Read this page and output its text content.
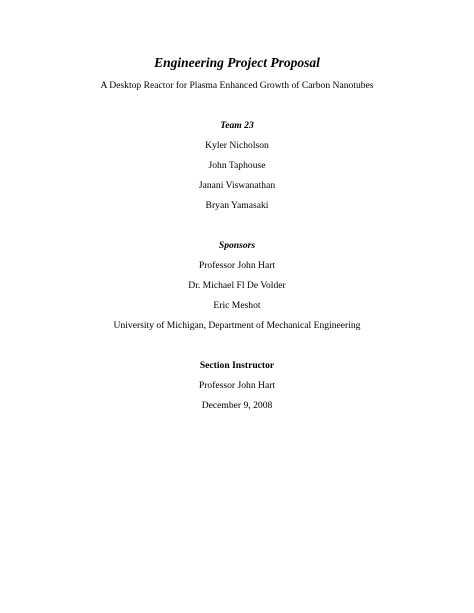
Engineering Project Proposal
A Desktop Reactor for Plasma Enhanced Growth of Carbon Nanotubes
Team 23
Kyler Nicholson
John Taphouse
Janani Viswanathan
Bryan Yamasaki
Sponsors
Professor John Hart
Dr. Michael Fl De Volder
Eric Meshot
University of Michigan, Department of Mechanical Engineering
Section Instructor
Professor John Hart
December 9, 2008
